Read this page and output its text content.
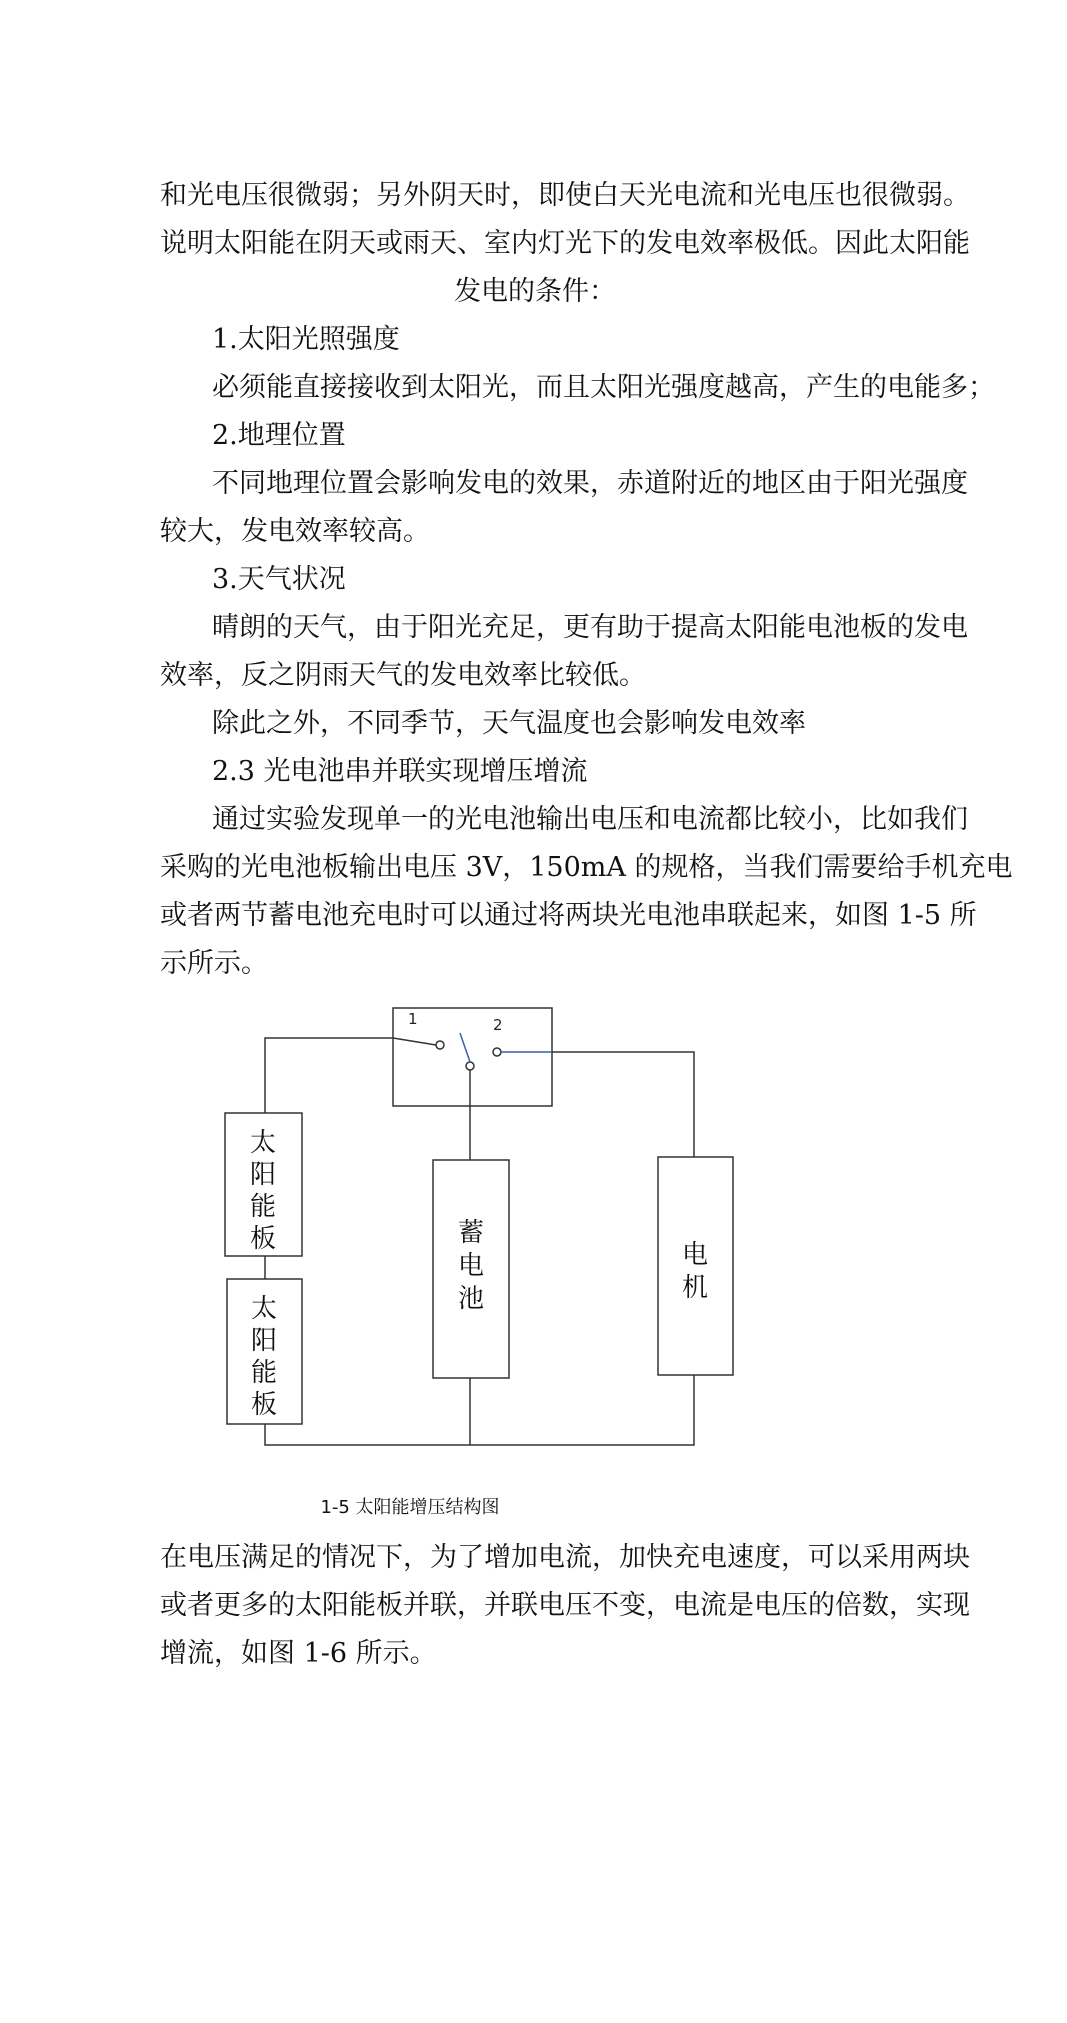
和光电压很微弱；另外阴天时，即使白天光电流和光电压也很微弱。

说明太阳能在阴天或雨天、室内灯光下的发电效率极低。因此太阳能

发电的条件：

1.太阳光照强度

必须能直接接收到太阳光，而且太阳光强度越高，产生的电能多；

2.地理位置

不同地理位置会影响发电的效果，赤道附近的地区由于阳光强度

较大，发电效率较高。

3.天气状况

晴朗的天气，由于阳光充足，更有助于提高太阳能电池板的发电

效率，反之阴雨天气的发电效率比较低。

除此之外，不同季节，天气温度也会影响发电效率

2.3 光电池串并联实现增压增流

通过实验发现单一的光电池输出电压和电流都比较小，比如我们

采购的光电池板输出电压 3V，150mA 的规格，当我们需要给手机充电

或者两节蓄电池充电时可以通过将两块光电池串联起来，如图 1-5 所

示所示。

1	2
太
阳
能
板
太
阳
能
板
蓄
电
池
电
机
1-5 太阳能增压结构图

在电压满足的情况下，为了增加电流，加快充电速度，可以采用两块

或者更多的太阳能板并联，并联电压不变，电流是电压的倍数，实现

增流，如图 1-6 所示。
